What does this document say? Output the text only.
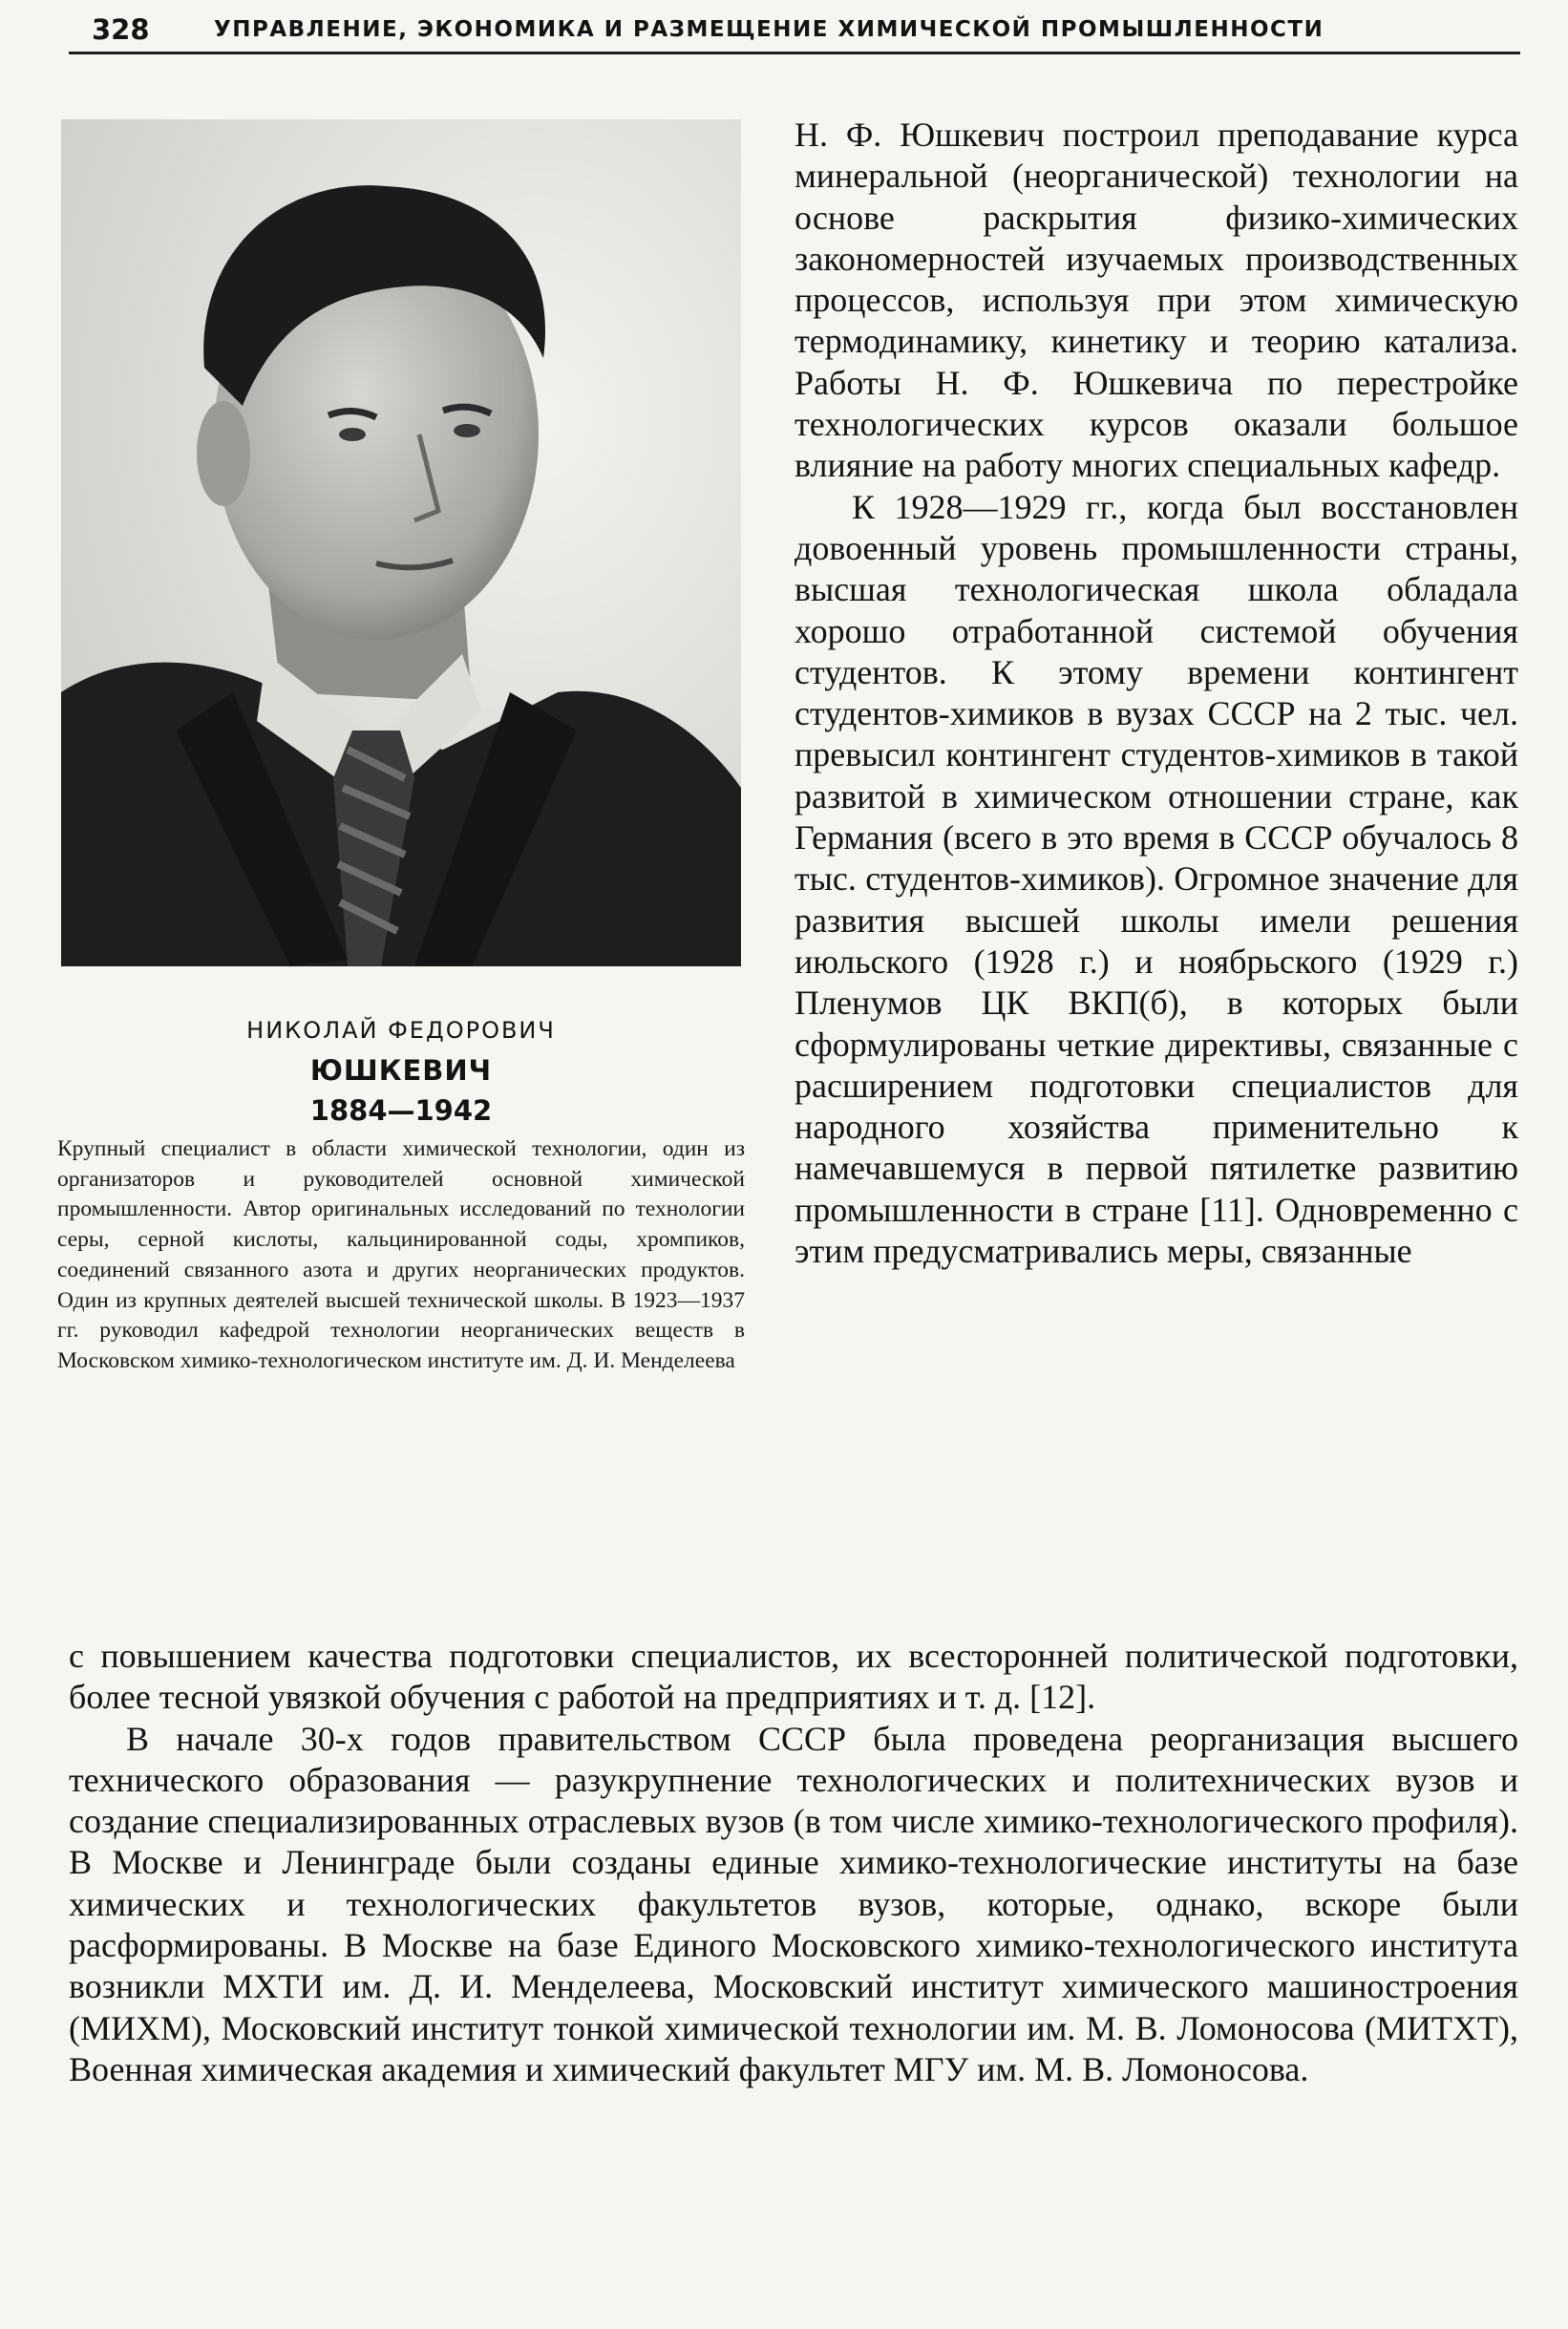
328	УПРАВЛЕНИЕ, ЭКОНОМИКА И РАЗМЕЩЕНИЕ ХИМИЧЕСКОЙ ПРОМЫШЛЕННОСТИ
НИКОЛАЙ ФЕДОРОВИЧ
ЮШКЕВИЧ
1884—1942
Крупный специалист в области химической технологии, один из организаторов и руководителей основной химической промышленности. Автор оригинальных исследований по технологии серы, серной кислоты, кальцинированной соды, хромпиков, соединений связанного азота и других неорганических продуктов. Один из крупных деятелей высшей технической школы. В 1923—1937 гг. руководил кафедрой технологии неорганических веществ в Московском химико-технологическом институте им. Д. И. Менделеева

Н. Ф. Юшкевич построил преподавание курса минеральной (неорганической) технологии на основе раскрытия физико-химических закономерностей изучаемых производственных процессов, используя при этом химическую термодинамику, кинетику и теорию катализа. Работы Н. Ф. Юшкевича по перестройке технологических курсов оказали большое влияние на работу многих специальных кафедр.

К 1928—1929 гг., когда был восстановлен довоенный уровень промышленности страны, высшая технологическая школа обладала хорошо отработанной системой обучения студентов. К этому времени контингент студентов-химиков в вузах СССР на 2 тыс. чел. превысил контингент студентов-химиков в такой развитой в химическом отношении стране, как Германия (всего в это время в СССР обучалось 8 тыс. студентов-химиков). Огромное значение для развития высшей школы имели решения июльского (1928 г.) и ноябрьского (1929 г.) Пленумов ЦК ВКП(б), в которых были сформулированы четкие директивы, связанные с расширением подготовки специалистов для народного хозяйства применительно к намечавшемуся в первой пятилетке развитию промышленности в стране [11]. Одновременно с этим предусматривались меры, связанные

с повышением качества подготовки специалистов, их всесторонней политической подготовки, более тесной увязкой обучения с работой на предприятиях и т. д. [12].

В начале 30-х годов правительством СССР была проведена реорганизация высшего технического образования — разукрупнение технологических и политехнических вузов и создание специализированных отраслевых вузов (в том числе химико-технологического профиля). В Москве и Ленинграде были созданы единые химико-технологические институты на базе химических и технологических факультетов вузов, которые, однако, вскоре были расформированы. В Москве на базе Единого Московского химико-технологического института возникли МХТИ им. Д. И. Менделеева, Московский институт химического машиностроения (МИХМ), Московский институт тонкой химической технологии им. М. В. Ломоносова (МИТХТ), Военная химическая академия и химический факультет МГУ им. М. В. Ломоносова.
